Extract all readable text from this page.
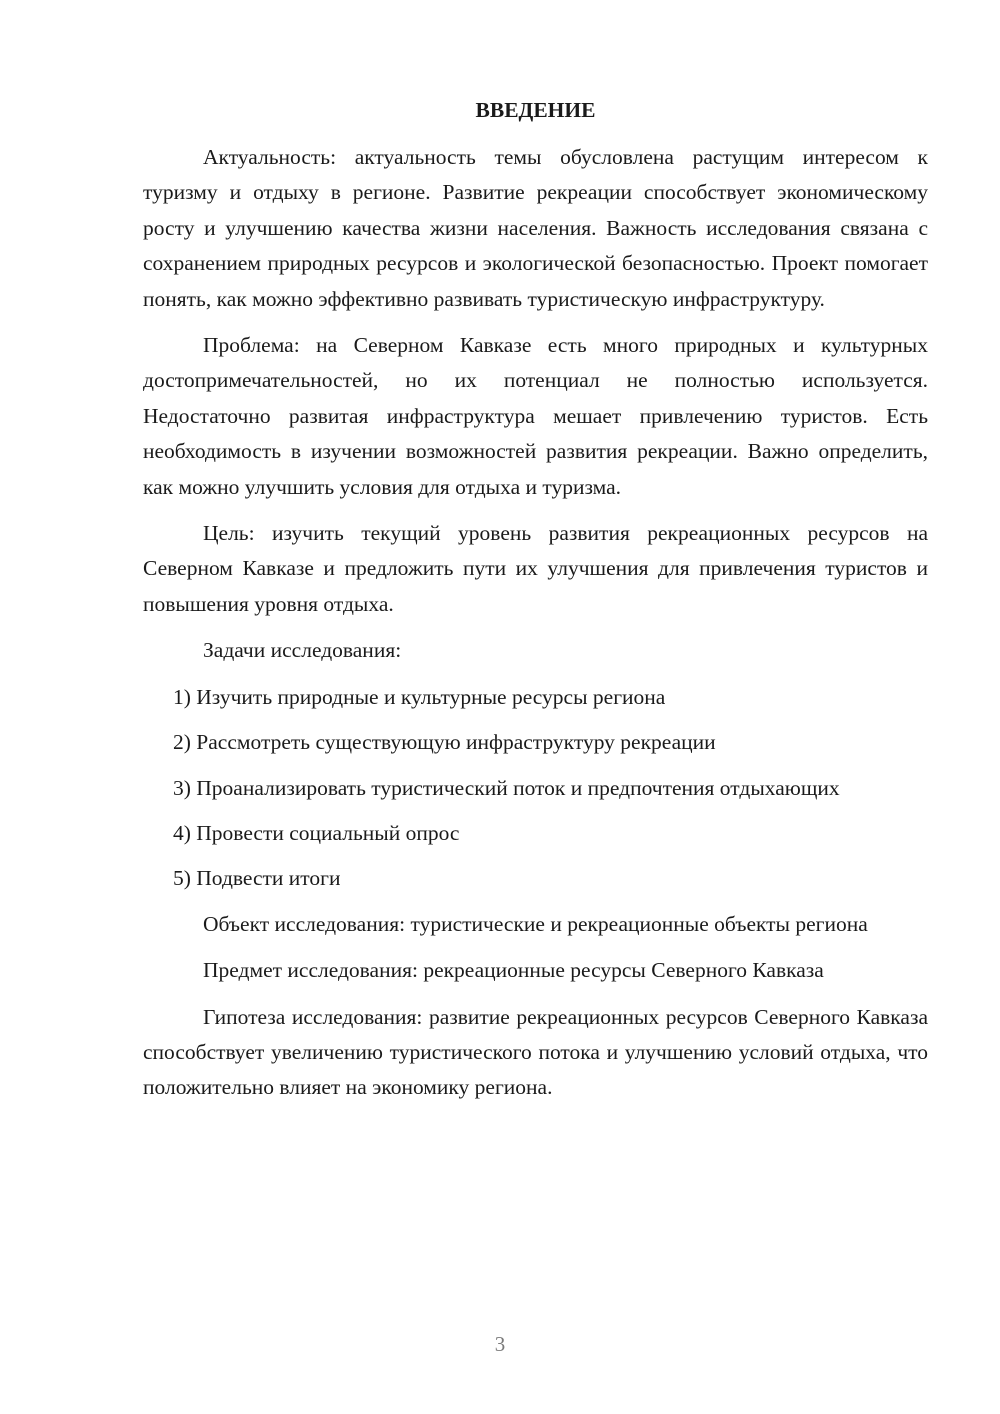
ВВЕДЕНИЕ

Актуальность: актуальность темы обусловлена растущим интересом к туризму и отдыху в регионе. Развитие рекреации способствует экономическому росту и улучшению качества жизни населения. Важность исследования связана с сохранением природных ресурсов и экологической безопасностью. Проект помогает понять, как можно эффективно развивать туристическую инфраструктуру.

Проблема: на Северном Кавказе есть много природных и культурных достопримечательностей, но их потенциал не полностью используется. Недостаточно развитая инфраструктура мешает привлечению туристов. Есть необходимость в изучении возможностей развития рекреации. Важно определить, как можно улучшить условия для отдыха и туризма.

Цель: изучить текущий уровень развития рекреационных ресурсов на Северном Кавказе и предложить пути их улучшения для привлечения туристов и повышения уровня отдыха.

Задачи исследования:

1) Изучить природные и культурные ресурсы региона

2) Рассмотреть существующую инфраструктуру рекреации

3) Проанализировать туристический поток и предпочтения отдыхающих

4) Провести социальный опрос

5) Подвести итоги

Объект исследования: туристические и рекреационные объекты региона

Предмет исследования: рекреационные ресурсы Северного Кавказа

Гипотеза исследования: развитие рекреационных ресурсов Северного Кавказа способствует увеличению туристического потока и улучшению условий отдыха, что положительно влияет на экономику региона.

3
